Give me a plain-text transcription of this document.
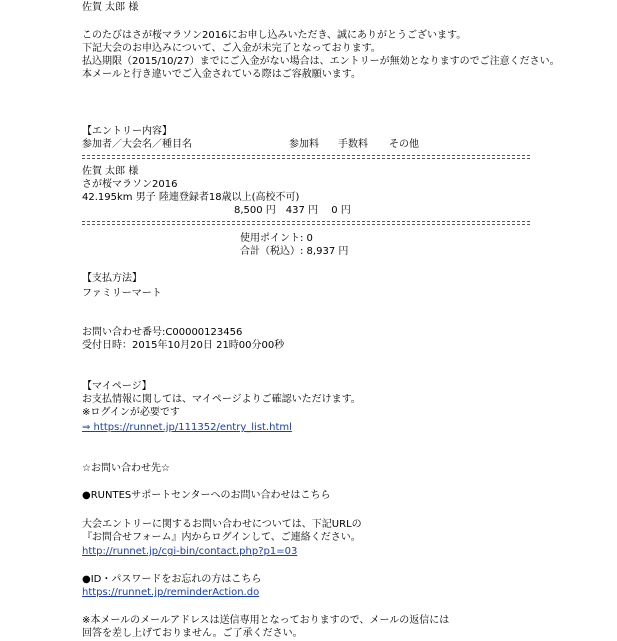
佐賀 太郎 様
このたびはさが桜マラソン2016にお申し込みいただき、誠にありがとうございます。
下記大会のお申込みについて、ご入金が未完了となっております。
払込期限（2015/10/27）までにご入金がない場合は、エントリーが無効となりますのでご注意ください。
本メールと行き違いでご入金されている際はご容赦願います。
【エントリー内容】
参加者／大会名／種目名	参加料 手数料 その他
佐賀 太郎 様
さが桜マラソン2016
42.195km 男子 陸連登録者18歳以上(高校不可)
8,500 円　437 円　 0 円
使用ポイント: 0
合計（税込）: 8,937 円
【支払方法】
ファミリーマート
お問い合わせ番号:C00000123456
受付日時：2015年10月20日 21時00分00秒
【マイページ】
お支払情報に関しては、マイページよりご確認いただけます。
※ログインが必要です
⇒ https://runnet.jp/111352/entry_list.html
☆お問い合わせ先☆
●RUNTESサポートセンターへのお問い合わせはこちら
大会エントリーに関するお問い合わせについては、下記URLの
『お問合せフォーム』内からログインして、ご連絡ください。
http://runnet.jp/cgi-bin/contact.php?p1=03
●ID・パスワードをお忘れの方はこちら
https://runnet.jp/reminderAction.do
※本メールのメールアドレスは送信専用となっておりますので、メールの返信には
回答を差し上げておりません。ご了承ください。
